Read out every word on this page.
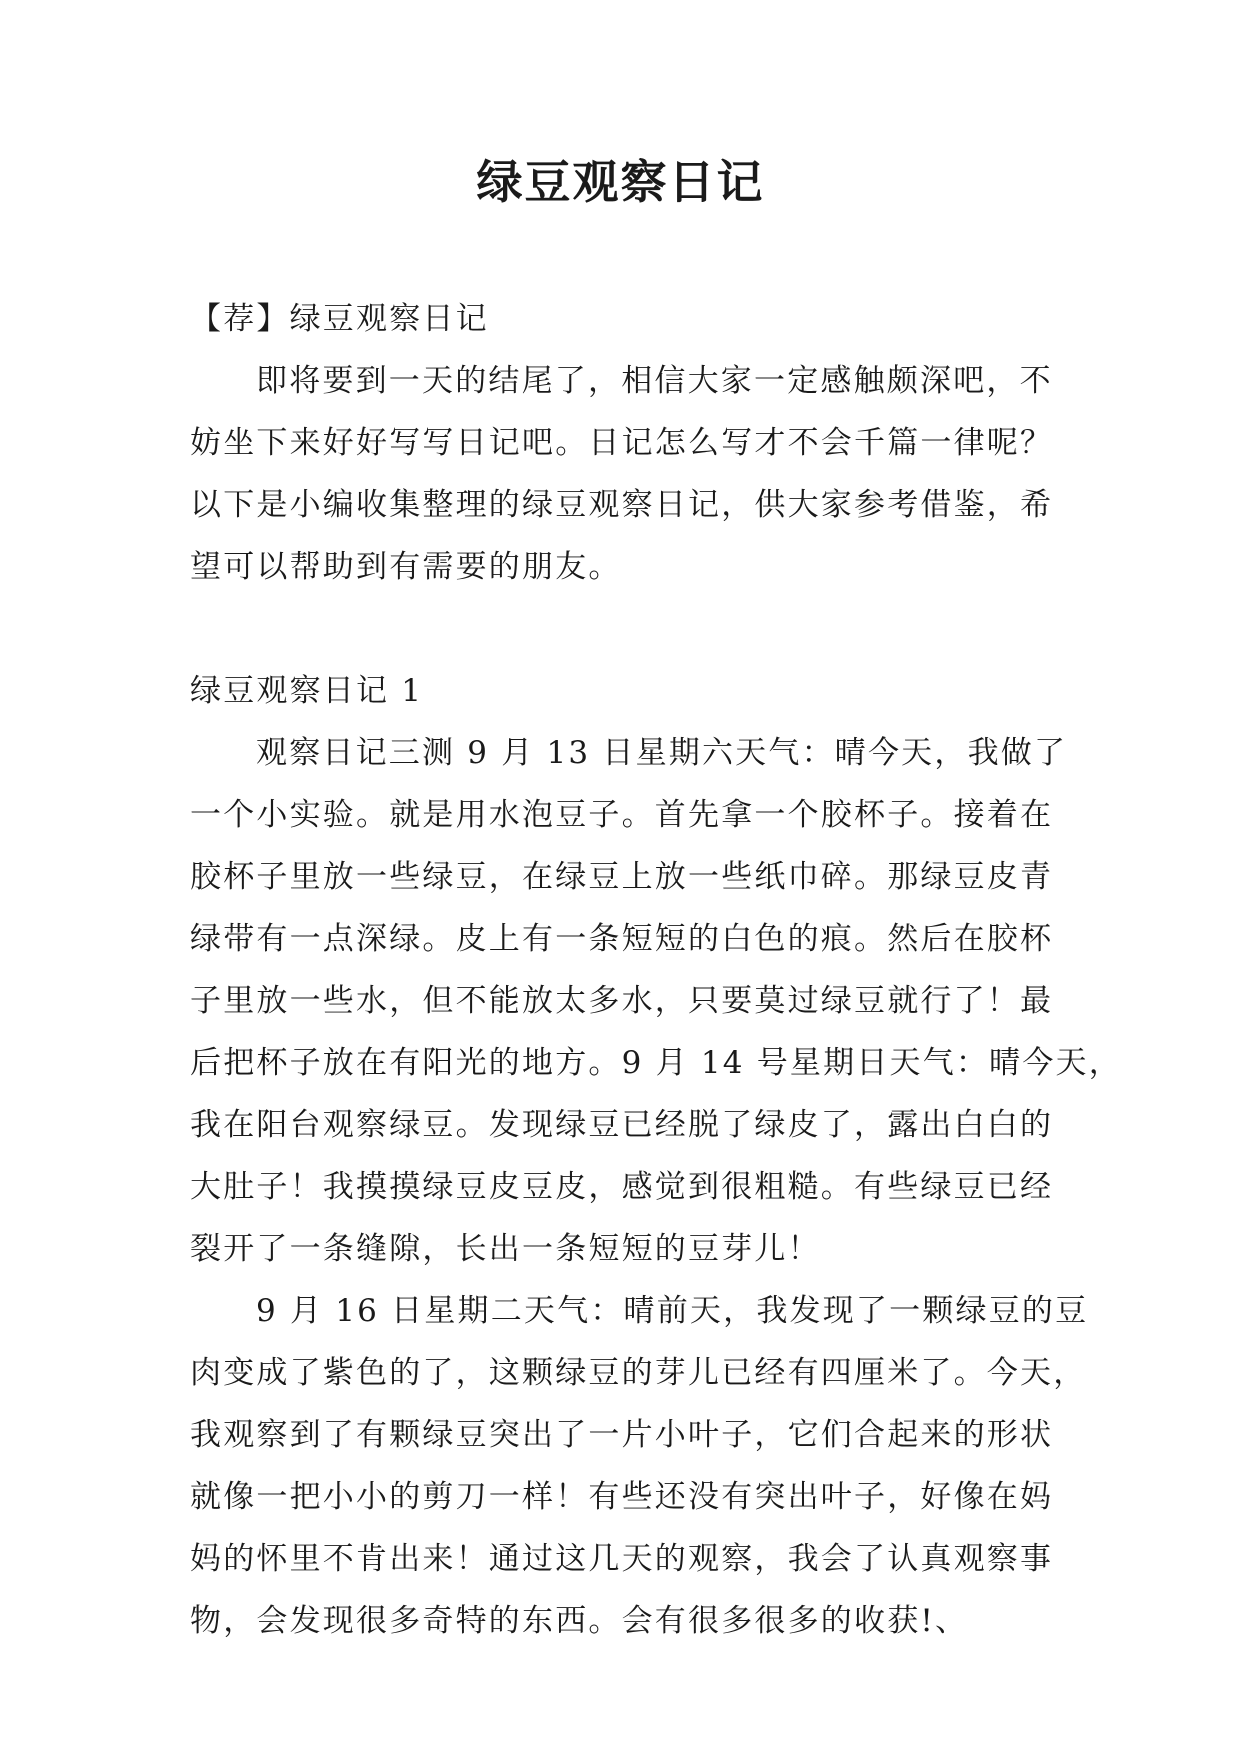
绿豆观察日记
【荐】绿豆观察日记
即将要到一天的结尾了，相信大家一定感触颇深吧，不
妨坐下来好好写写日记吧。日记怎么写才不会千篇一律呢？
以下是小编收集整理的绿豆观察日记，供大家参考借鉴，希
望可以帮助到有需要的朋友。
绿豆观察日记 1
观察日记三测 9 月 13 日星期六天气：晴今天，我做了
一个小实验。就是用水泡豆子。首先拿一个胶杯子。接着在
胶杯子里放一些绿豆，在绿豆上放一些纸巾碎。那绿豆皮青
绿带有一点深绿。皮上有一条短短的白色的痕。然后在胶杯
子里放一些水，但不能放太多水，只要莫过绿豆就行了！最
后把杯子放在有阳光的地方。9 月 14 号星期日天气：晴今天，
我在阳台观察绿豆。发现绿豆已经脱了绿皮了，露出白白的
大肚子！我摸摸绿豆皮豆皮，感觉到很粗糙。有些绿豆已经
裂开了一条缝隙，长出一条短短的豆芽儿！
9 月 16 日星期二天气：晴前天，我发现了一颗绿豆的豆
肉变成了紫色的了，这颗绿豆的芽儿已经有四厘米了。今天，
我观察到了有颗绿豆突出了一片小叶子，它们合起来的形状
就像一把小小的剪刀一样！有些还没有突出叶子，好像在妈
妈的怀里不肯出来！通过这几天的观察，我会了认真观察事
物，会发现很多奇特的东西。会有很多很多的收获!、
